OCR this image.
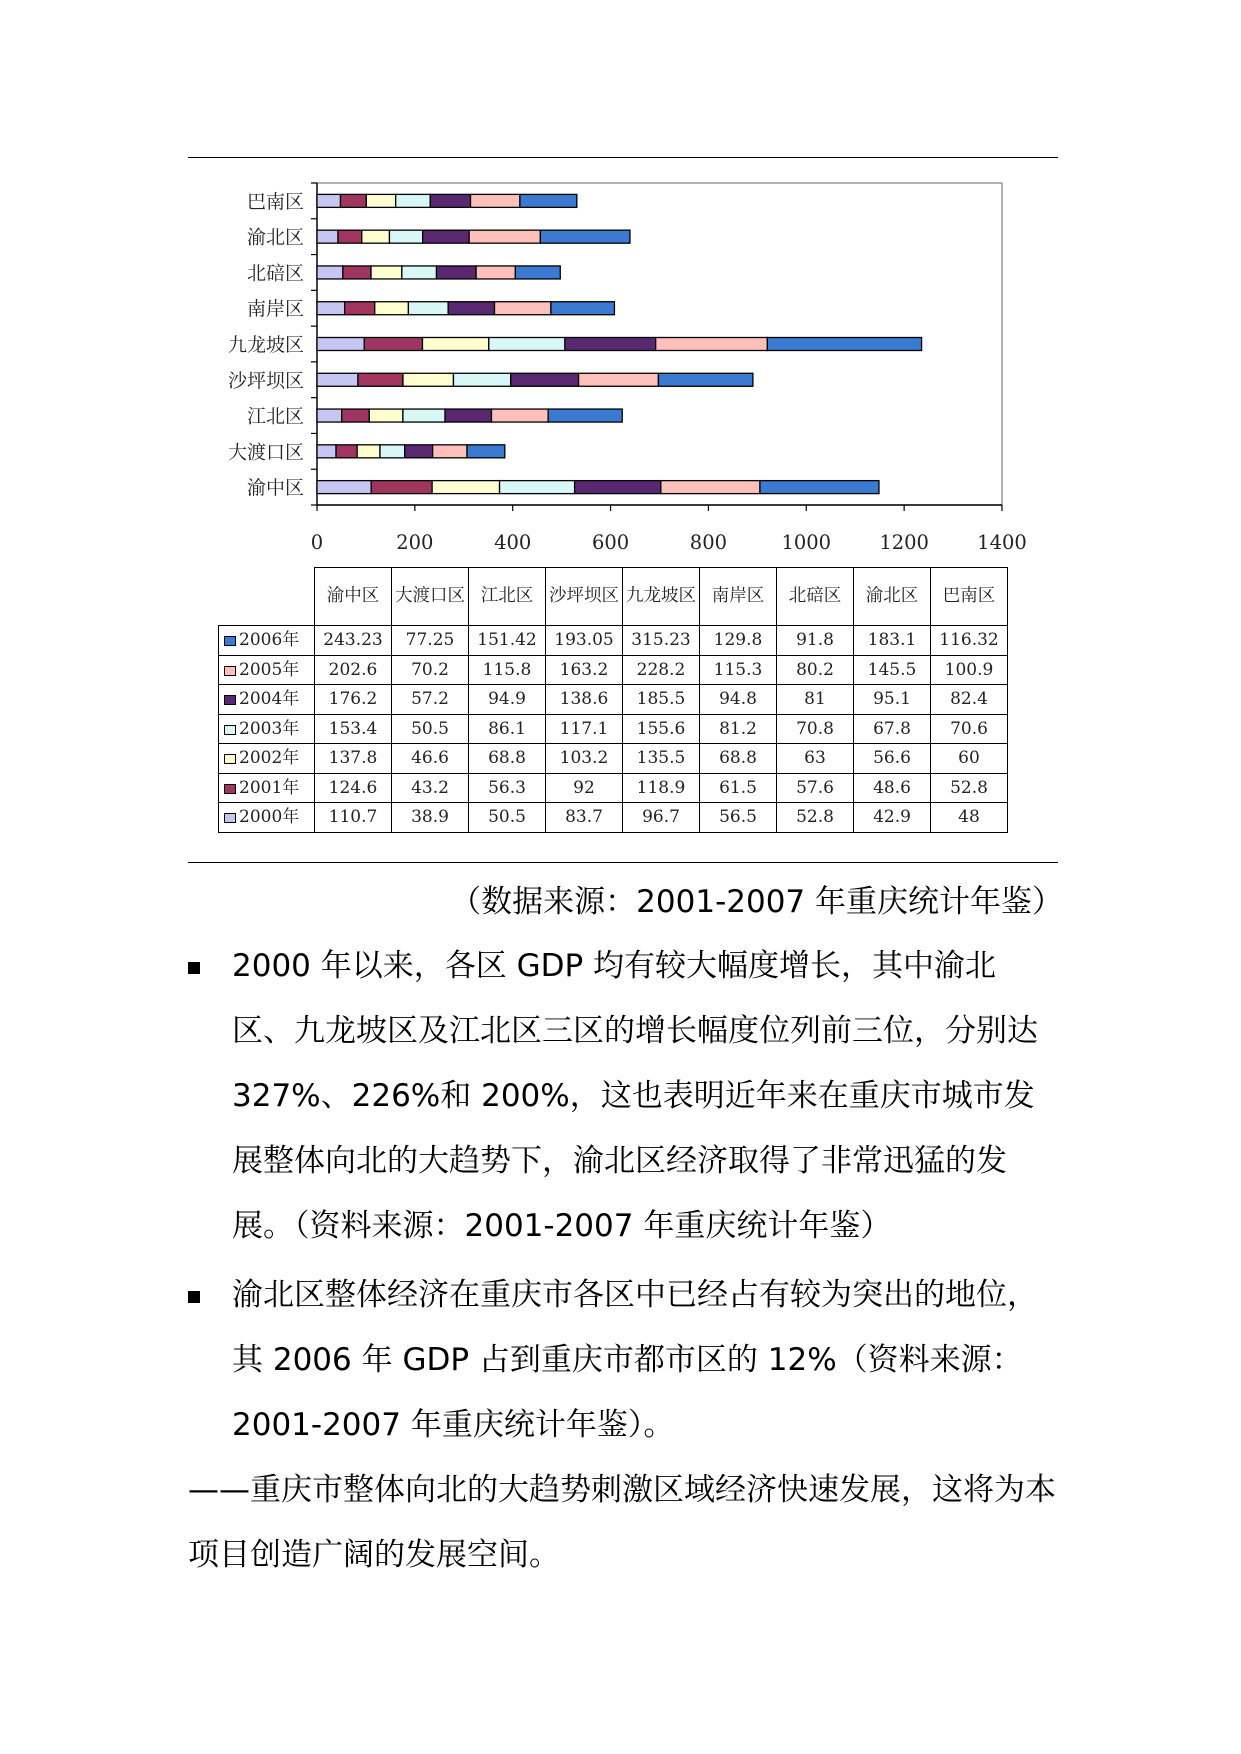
0	200	400	600	800	1000 1200 1400
渝中区
大渡口区
江北区
沙坪坝区
九龙坡区
南岸区
北碚区
渝北区
巴南区
	渝中区	大渡口区	江北区	沙坪坝区	九龙坡区	南岸区	北碚区	渝北区	巴南区
2006年	243.23	77.25	151.42	193.05	315.23	129.8	91.8	183.1	116.32
2005年	202.6	70.2	115.8	163.2	228.2	115.3	80.2	145.5	100.9
2004年	176.2	57.2	94.9	138.6	185.5	94.8	81	95.1	82.4
2003年	153.4	50.5	86.1	117.1	155.6	81.2	70.8	67.8	70.6
2002年	137.8	46.6	68.8	103.2	135.5	68.8	63	56.6	60
2001年	124.6	43.2	56.3	92	118.9	61.5	57.6	48.6	52.8
2000年	110.7	38.9	50.5	83.7	96.7	56.5	52.8	42.9	48
（数据来源：2001-2007 年重庆统计年鉴）
2000 年以来，各区 GDP 均有较大幅度增长，其中渝北区、九龙坡区及江北区三区的增长幅度位列前三位，分别达 327%、226%和 200%，这也表明近年来在重庆市城市发展整体向北的大趋势下，渝北区经济取得了非常迅猛的发展。（资料来源：2001-2007 年重庆统计年鉴）
渝北区整体经济在重庆市各区中已经占有较为突出的地位，其 2006 年 GDP 占到重庆市都市区的 12%（资料来源：2001-2007 年重庆统计年鉴）。
——重庆市整体向北的大趋势刺激区域经济快速发展，这将为本项目创造广阔的发展空间。
